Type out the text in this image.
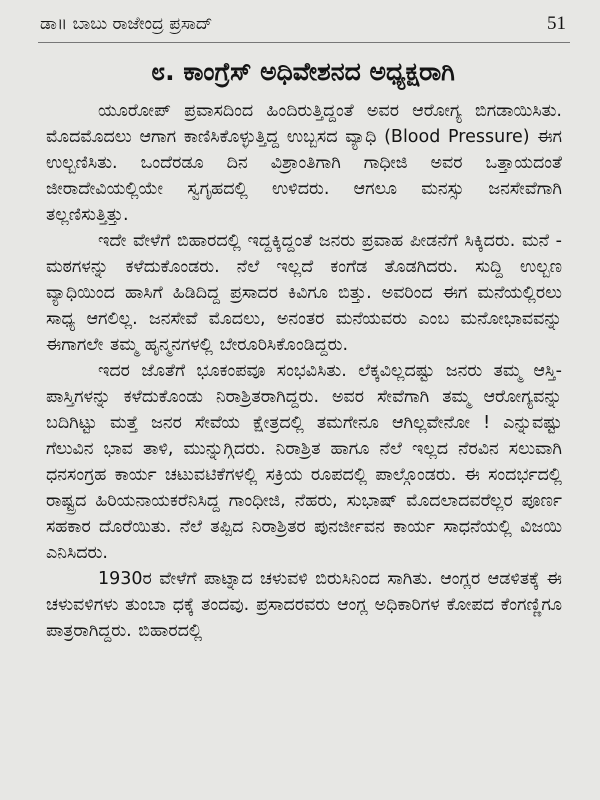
ಡಾ॥ ಬಾಬು ರಾಜೇಂದ್ರ ಪ್ರಸಾದ್	51
೮. ಕಾಂಗ್ರೆಸ್ ಅಧಿವೇಶನದ ಅಧ್ಯಕ್ಷರಾಗಿ

ಯೂರೋಪ್ ಪ್ರವಾಸದಿಂದ ಹಿಂದಿರುತ್ತಿದ್ದಂತೆ ಅವರ ಆರೋಗ್ಯ ಬಿಗಡಾಯಿಸಿತು. ಮೊದಮೊದಲು ಆಗಾಗ ಕಾಣಿಸಿಕೊಳ್ಳುತ್ತಿದ್ದ ಉಬ್ಬಸದ ವ್ಯಾಧಿ (Blood Pressure) ಈಗ ಉಲ್ಬಣಿಸಿತು. ಒಂದೆರಡೂ ದಿನ ವಿಶ್ರಾಂತಿಗಾಗಿ ಗಾಧೀಜಿ ಅವರ ಒತ್ತಾಯದಂತೆ ಜೀರಾದೇವಿಯಲ್ಲಿಯೇ ಸ್ವಗೃಹದಲ್ಲಿ ಉಳಿದರು. ಆಗಲೂ ಮನಸ್ಸು ಜನಸೇವೆಗಾಗಿ ತಲ್ಲಣಿಸುತ್ತಿತ್ತು.

ಇದೇ ವೇಳೆಗೆ ಬಿಹಾರದಲ್ಲಿ ಇದ್ದಕ್ಕಿದ್ದಂತೆ ಜನರು ಪ್ರವಾಹ ಪೀಡನೆಗೆ ಸಿಕ್ಕಿದರು. ಮನೆ - ಮಠಗಳನ್ನು ಕಳೆದುಕೊಂಡರು. ನೆಲೆ ಇಲ್ಲದೆ ಕಂಗೆಡ ತೊಡಗಿದರು. ಸುದ್ದಿ ಉಲ್ಬಣ ವ್ಯಾಧಿಯಿಂದ ಹಾಸಿಗೆ ಹಿಡಿದಿದ್ದ ಪ್ರಸಾದರ ಕಿವಿಗೂ ಬಿತ್ತು. ಅವರಿಂದ ಈಗ ಮನೆಯಲ್ಲಿರಲು ಸಾಧ್ಯ ಆಗಲಿಲ್ಲ. ಜನಸೇವೆ ಮೊದಲು, ಅನಂತರ ಮನೆಯವರು ಎಂಬ ಮನೋಭಾವವನ್ನು ಈಗಾಗಲೇ ತಮ್ಮ ಹೃನ್ಮನಗಳಲ್ಲಿ ಬೇರೂರಿಸಿಕೊಂಡಿದ್ದರು.

ಇದರ ಜೊತೆಗೆ ಭೂಕಂಪವೂ ಸಂಭವಿಸಿತು. ಲೆಕ್ಕವಿಲ್ಲದಷ್ಟು ಜನರು ತಮ್ಮ ಆಸ್ತಿ-ಪಾಸ್ತಿಗಳನ್ನು ಕಳೆದುಕೊಂಡು ನಿರಾಶ್ರಿತರಾಗಿದ್ದರು. ಅವರ ಸೇವೆಗಾಗಿ ತಮ್ಮ ಆರೋಗ್ಯವನ್ನು ಬದಿಗಿಟ್ಟು ಮತ್ತೆ ಜನರ ಸೇವೆಯ ಕ್ಷೇತ್ರದಲ್ಲಿ ತಮಗೇನೂ ಆಗಿಲ್ಲವೇನೋ ! ಎನ್ನುವಷ್ಟು ಗೆಲುವಿನ ಭಾವ ತಾಳಿ, ಮುನ್ನುಗ್ಗಿದರು. ನಿರಾಶ್ರಿತ ಹಾಗೂ ನೆಲೆ ಇಲ್ಲದ ನೆರವಿನ ಸಲುವಾಗಿ ಧನಸಂಗ್ರಹ ಕಾರ್ಯ ಚಟುವಟಿಕೆಗಳಲ್ಲಿ ಸಕ್ರಿಯ ರೂಪದಲ್ಲಿ ಪಾಲ್ಗೊಂಡರು. ಈ ಸಂದರ್ಭದಲ್ಲಿ ರಾಷ್ಟ್ರದ ಹಿರಿಯನಾಯಕರೆನಿಸಿದ್ದ ಗಾಂಧೀಜಿ, ನೆಹರು, ಸುಭಾಷ್ ಮೊದಲಾದವರೆಲ್ಲರ ಪೂರ್ಣ ಸಹಕಾರ ದೊರೆಯಿತು. ನೆಲೆ ತಪ್ಪಿದ ನಿರಾಶ್ರಿತರ ಪುನರ್ಜೀವನ ಕಾರ್ಯ ಸಾಧನೆಯಲ್ಲಿ ವಿಜಯಿ ಎನಿಸಿದರು.

1930ರ ವೇಳೆಗೆ ಪಾಟ್ನಾದ ಚಳುವಳಿ ಬಿರುಸಿನಿಂದ ಸಾಗಿತು. ಆಂಗ್ಲರ ಆಡಳಿತಕ್ಕೆ ಈ ಚಳುವಳಿಗಳು ತುಂಬಾ ಧಕ್ಕೆ ತಂದವು. ಪ್ರಸಾದರವರು ಆಂಗ್ಲ ಅಧಿಕಾರಿಗಳ ಕೋಪದ ಕೆಂಗಣ್ಣಿಗೂ ಪಾತ್ರರಾಗಿದ್ದರು. ಬಿಹಾರದಲ್ಲಿ
